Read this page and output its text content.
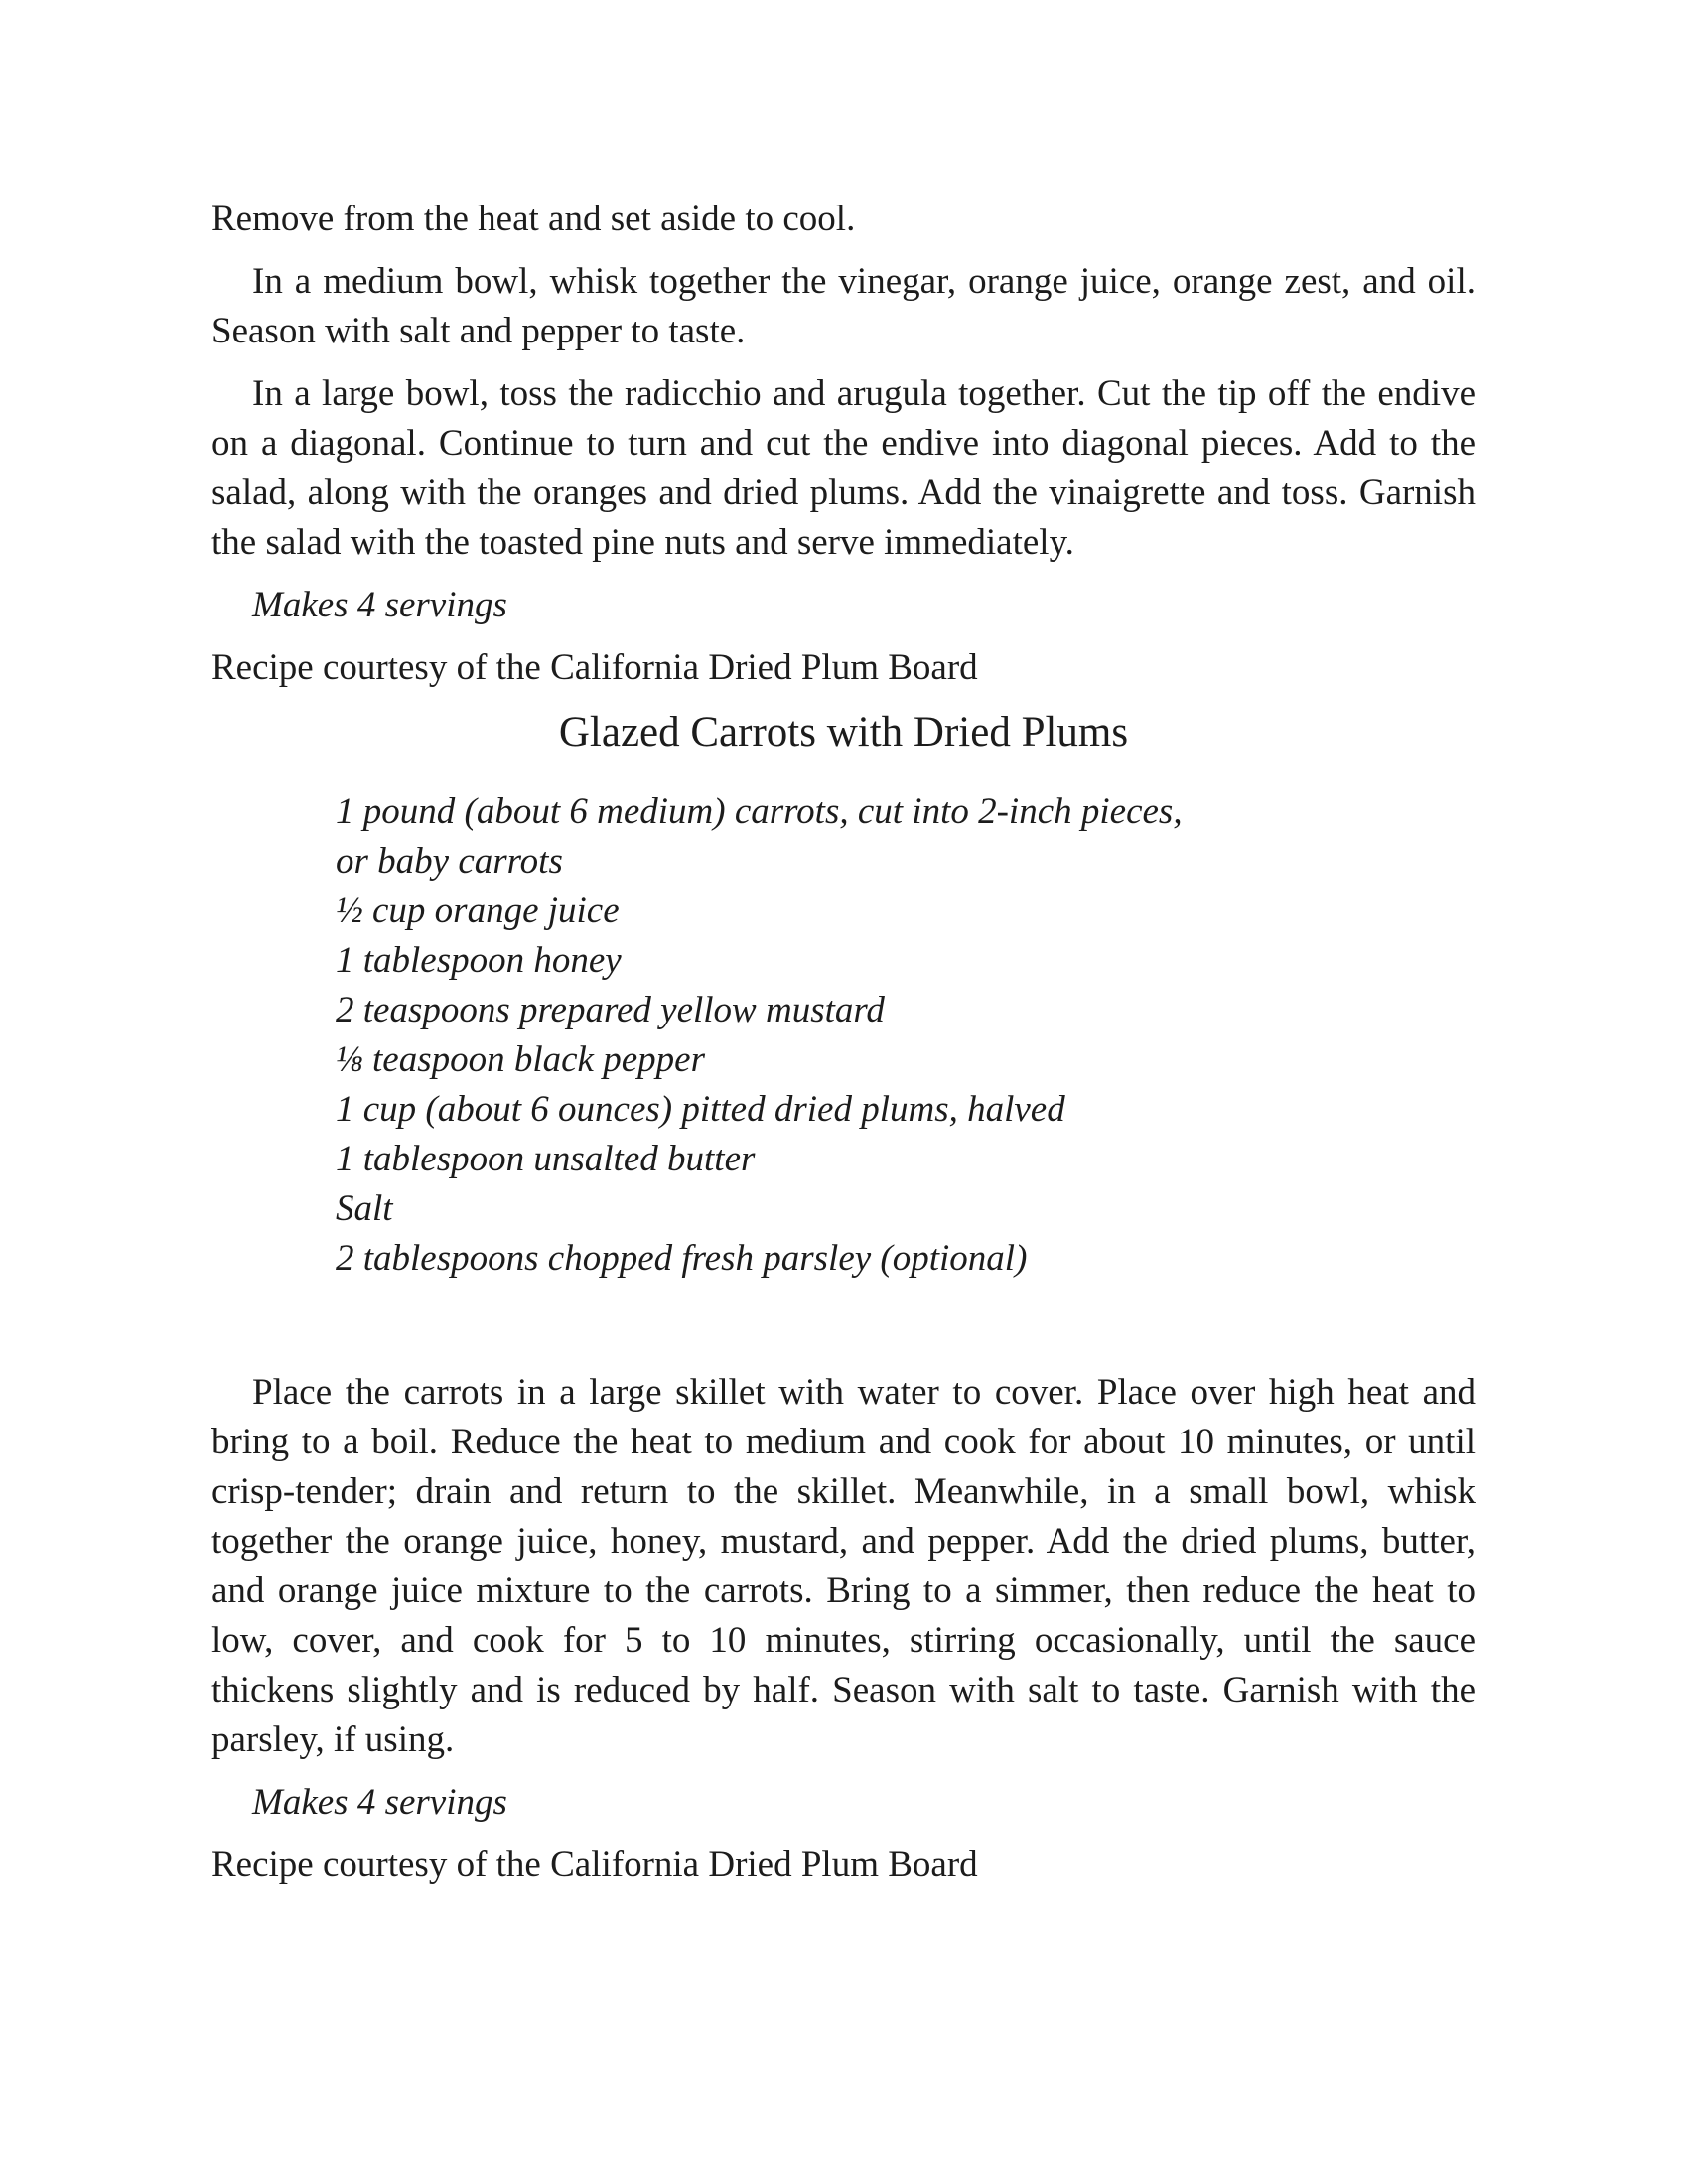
Remove from the heat and set aside to cool.

In a medium bowl, whisk together the vinegar, orange juice, orange zest, and oil. Season with salt and pepper to taste.

In a large bowl, toss the radicchio and arugula together. Cut the tip off the endive on a diagonal. Continue to turn and cut the endive into diagonal pieces. Add to the salad, along with the oranges and dried plums. Add the vinaigrette and toss. Garnish the salad with the toasted pine nuts and serve immediately.

Makes 4 servings

Recipe courtesy of the California Dried Plum Board

Glazed Carrots with Dried Plums
1 pound (about 6 medium) carrots, cut into 2-inch pieces,
or baby carrots
½ cup orange juice
1 tablespoon honey
2 teaspoons prepared yellow mustard
⅛ teaspoon black pepper
1 cup (about 6 ounces) pitted dried plums, halved
1 tablespoon unsalted butter
Salt
2 tablespoons chopped fresh parsley (optional)

Place the carrots in a large skillet with water to cover. Place over high heat and bring to a boil. Reduce the heat to medium and cook for about 10 minutes, or until crisp-tender; drain and return to the skillet. Meanwhile, in a small bowl, whisk together the orange juice, honey, mustard, and pepper. Add the dried plums, butter, and orange juice mixture to the carrots. Bring to a simmer, then reduce the heat to low, cover, and cook for 5 to 10 minutes, stirring occasionally, until the sauce thickens slightly and is reduced by half. Season with salt to taste. Garnish with the parsley, if using.

Makes 4 servings

Recipe courtesy of the California Dried Plum Board
